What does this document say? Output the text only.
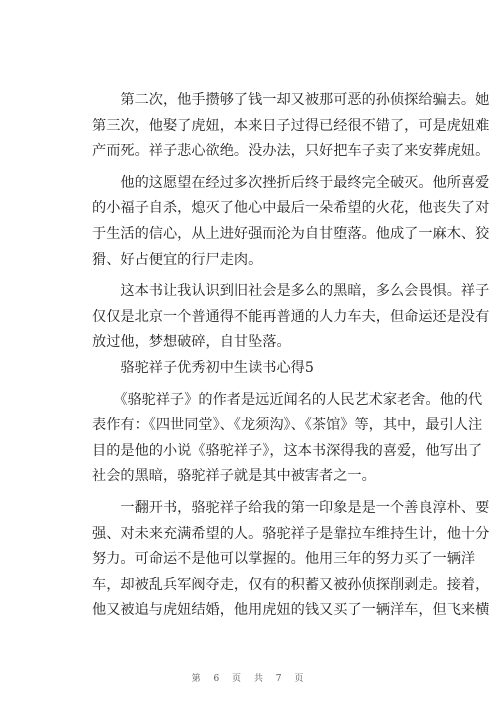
　　第二次，他手攒够了钱一却又被那可恶的孙侦探给骗去。她
第三次，他娶了虎妞，本来日子过得已经很不错了，可是虎妞难
产而死。祥子悲心欲绝。没办法，只好把车子卖了来安葬虎妞。
　　他的这愿望在经过多次挫折后终于最终完全破灭。他所喜爱
的小福子自杀，熄灭了他心中最后一朵希望的火花，他丧失了对
于生活的信心，从上进好强而沦为自甘堕落。他成了一麻木、狡
猾、好占便宜的行尸走肉。
　　这本书让我认识到旧社会是多么的黑暗，多么会畏惧。祥子
仅仅是北京一个普通得不能再普通的人力车夫，但命运还是没有
放过他，梦想破碎，自甘坠落。
　　骆驼祥子优秀初中生读书心得5
　　《骆驼祥子》的作者是远近闻名的人民艺术家老舍。他的代
表作有：《四世同堂》、《龙须沟》、《茶馆》等，其中，最引人注
目的是他的小说《骆驼祥子》，这本书深得我的喜爱，他写出了
社会的黑暗，骆驼祥子就是其中被害者之一。
　　一翻开书，骆驼祥子给我的第一印象是是一个善良淳朴、要
强、对未来充满希望的人。骆驼祥子是靠拉车维持生计，他十分
努力。可命运不是他可以掌握的。他用三年的努力买了一辆洋
车，却被乱兵军阀夺走，仅有的积蓄又被孙侦探削剥走。接着，
他又被追与虎妞结婚，他用虎妞的钱又买了一辆洋车，但飞来横
第 6 页 共 7 页
